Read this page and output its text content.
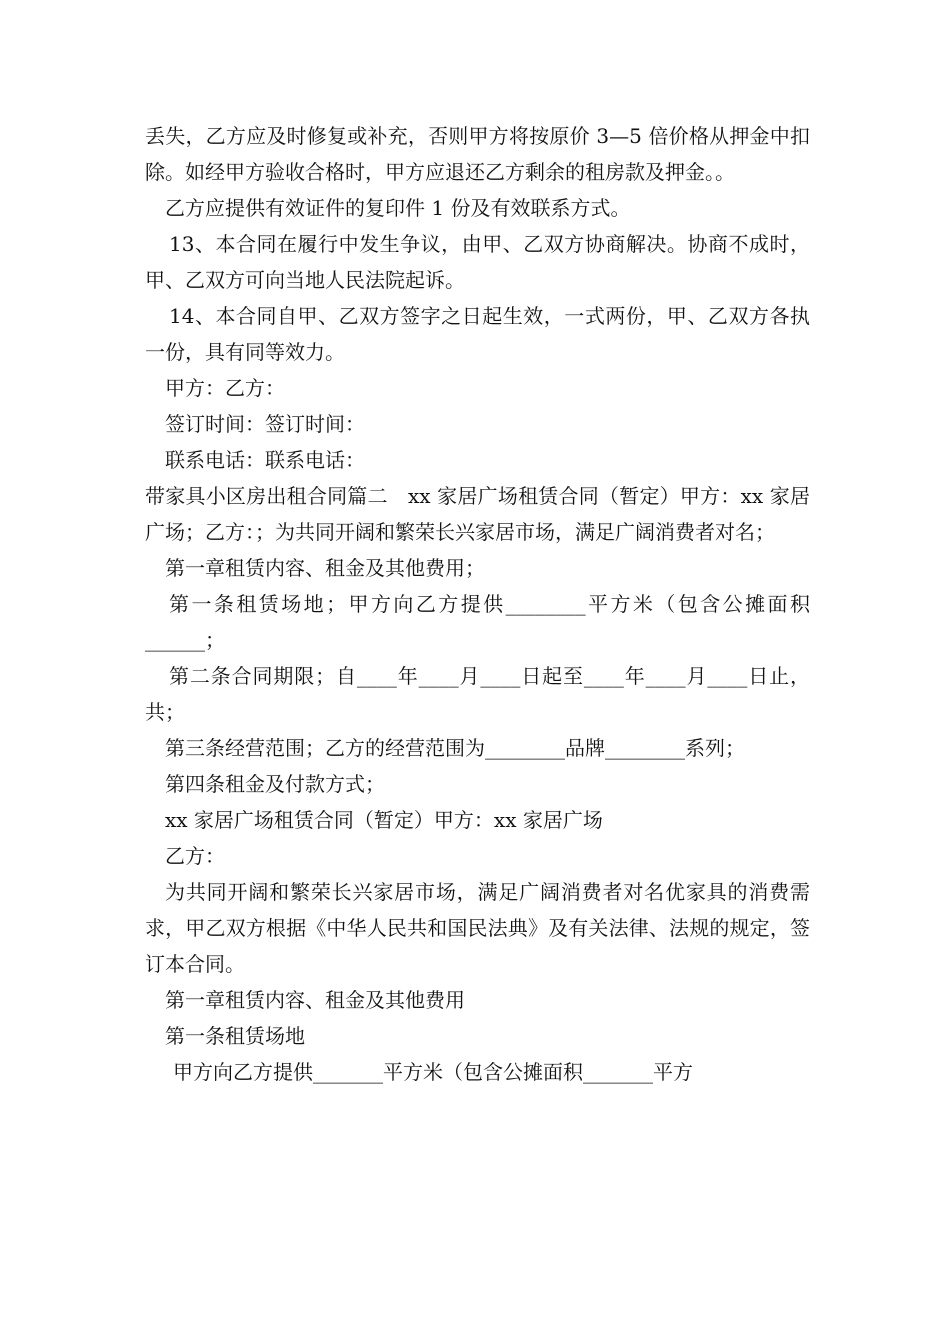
丢失，乙方应及时修复或补充，否则甲方将按原价 3—5 倍价格从押金中扣除。如经甲方验收合格时，甲方应退还乙方剩余的租房款及押金。。

乙方应提供有效证件的复印件 1 份及有效联系方式。

13、本合同在履行中发生争议，由甲、乙双方协商解决。协商不成时，甲、乙双方可向当地人民法院起诉。

14、本合同自甲、乙双方签字之日起生效，一式两份，甲、乙双方各执一份，具有同等效力。

甲方：乙方：

签订时间：签订时间：

联系电话：联系电话：

带家具小区房出租合同篇二　xx 家居广场租赁合同（暂定）甲方：xx 家居广场；乙方：；为共同开阔和繁荣长兴家居市场，满足广阔消费者对名；

第一章租赁内容、租金及其他费用；

第一条租赁场地；甲方向乙方提供________平方米（包含公摊面积______；

第二条合同期限；自____年____月____日起至____年____月____日止，共；

第三条经营范围；乙方的经营范围为________品牌________系列；

第四条租金及付款方式；

xx 家居广场租赁合同（暂定）甲方：xx 家居广场

乙方：

为共同开阔和繁荣长兴家居市场，满足广阔消费者对名优家具的消费需求，甲乙双方根据《中华人民共和国民法典》及有关法律、法规的规定，签订本合同。

第一章租赁内容、租金及其他费用

第一条租赁场地

甲方向乙方提供_______平方米（包含公摊面积_______平方
